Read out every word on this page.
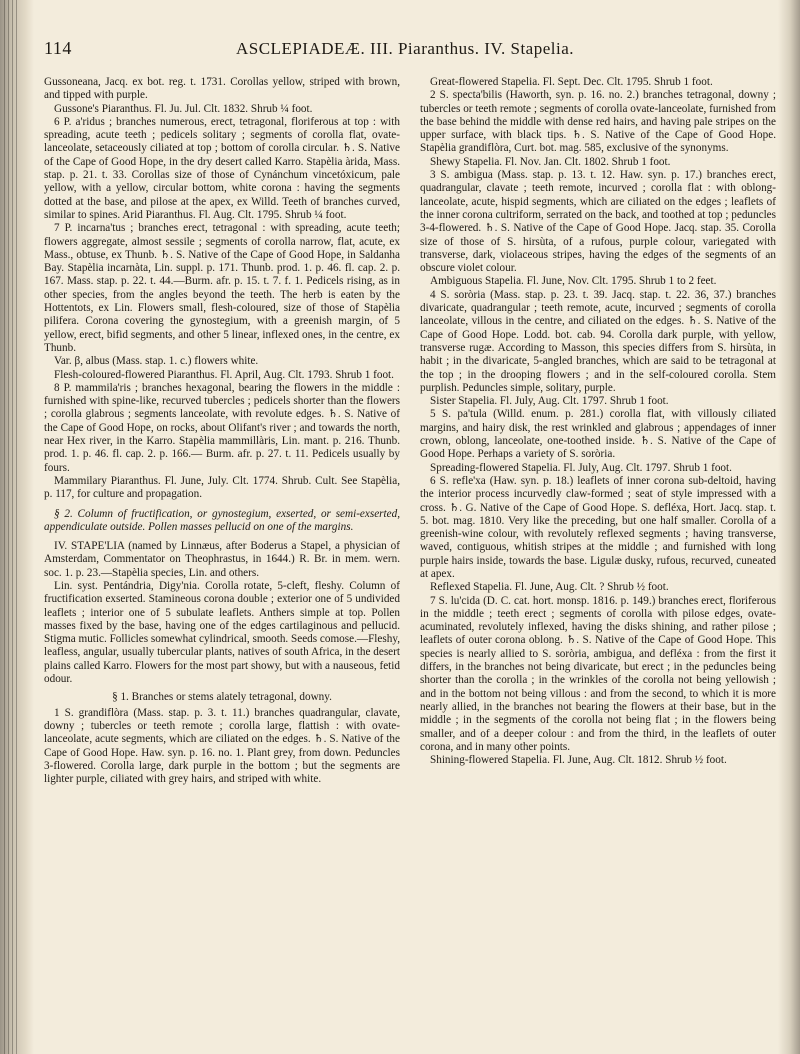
114	ASCLEPIADEÆ. III. Piaranthus. IV. Stapelia.

Gussoneana, Jacq. ex bot. reg. t. 1731. Corollas yellow, striped with brown, and tipped with purple.

Gussone's Piaranthus. Fl. Ju. Jul. Clt. 1832. Shrub ¼ foot.

6 P. a'ridus ; branches numerous, erect, tetragonal, floriferous at top : with spreading, acute teeth ; pedicels solitary ; segments of corolla flat, ovate-lanceolate, setaceously ciliated at top ; bottom of corolla circular. ♄. S. Native of the Cape of Good Hope, in the dry desert called Karro. Stapèlia àrida, Mass. stap. p. 21. t. 33. Corollas size of those of Cynánchum vincetóxicum, pale yellow, with a yellow, circular bottom, white corona : having the segments dotted at the base, and pilose at the apex, ex Willd. Teeth of branches curved, similar to spines. Arid Piaranthus. Fl. Aug. Clt. 1795. Shrub ¼ foot.

7 P. incarna'tus ; branches erect, tetragonal : with spreading, acute teeth; flowers aggregate, almost sessile ; segments of corolla narrow, flat, acute, ex Mass., obtuse, ex Thunb. ♄. S. Native of the Cape of Good Hope, in Saldanha Bay. Stapèlia incarnàta, Lin. suppl. p. 171. Thunb. prod. 1. p. 46. fl. cap. 2. p. 167. Mass. stap. p. 22. t. 44.—Burm. afr. p. 15. t. 7. f. 1. Pedicels rising, as in other species, from the angles beyond the teeth. The herb is eaten by the Hottentots, ex Lin. Flowers small, flesh-coloured, size of those of Stapèlia pilifera. Corona covering the gynostegium, with a greenish margin, of 5 yellow, erect, bifid segments, and other 5 linear, inflexed ones, in the centre, ex Thunb.

Var. β, albus (Mass. stap. 1. c.) flowers white.

Flesh-coloured-flowered Piaranthus. Fl. April, Aug. Clt. 1793. Shrub 1 foot.

8 P. mammila'ris ; branches hexagonal, bearing the flowers in the middle : furnished with spine-like, recurved tubercles ; pedicels shorter than the flowers ; corolla glabrous ; segments lanceolate, with revolute edges. ♄. S. Native of the Cape of Good Hope, on rocks, about Olifant's river ; and towards the north, near Hex river, in the Karro. Stapèlia mammillàris, Lin. mant. p. 216. Thunb. prod. 1. p. 46. fl. cap. 2. p. 166.— Burm. afr. p. 27. t. 11. Pedicels usually by fours.

Mammilary Piaranthus. Fl. June, July. Clt. 1774. Shrub. Cult. See Stapèlia, p. 117, for culture and propagation.

§ 2. Column of fructification, or gynostegium, exserted, or semi-exserted, appendiculate outside. Pollen masses pellucid on one of the margins.

IV. STAPE'LIA (named by Linnæus, after Boderus a Stapel, a physician of Amsterdam, Commentator on Theophrastus, in 1644.) R. Br. in mem. wern. soc. 1. p. 23.—Stapèlia species, Lin. and others.

Lin. syst. Pentándria, Digy'nia. Corolla rotate, 5-cleft, fleshy. Column of fructification exserted. Stamineous corona double ; exterior one of 5 undivided leaflets ; interior one of 5 subulate leaflets. Anthers simple at top. Pollen masses fixed by the base, having one of the edges cartilaginous and pellucid. Stigma mutic. Follicles somewhat cylindrical, smooth. Seeds comose.—Fleshy, leafless, angular, usually tubercular plants, natives of south Africa, in the desert plains called Karro. Flowers for the most part showy, but with a nauseous, fetid odour.

§ 1. Branches or stems alately tetragonal, downy.

1 S. grandiflòra (Mass. stap. p. 3. t. 11.) branches quadrangular, clavate, downy ; tubercles or teeth remote ; corolla large, flattish : with ovate-lanceolate, acute segments, which are ciliated on the edges. ♄. S. Native of the Cape of Good Hope. Haw. syn. p. 16. no. 1. Plant grey, from down. Peduncles 3-flowered. Corolla large, dark purple in the bottom ; but the segments are lighter purple, ciliated with grey hairs, and striped with white.

Great-flowered Stapelia. Fl. Sept. Dec. Clt. 1795. Shrub 1 foot.

2 S. specta'bilis (Haworth, syn. p. 16. no. 2.) branches tetragonal, downy ; tubercles or teeth remote ; segments of corolla ovate-lanceolate, furnished from the base behind the middle with dense red hairs, and having pale stripes on the upper surface, with black tips. ♄. S. Native of the Cape of Good Hope. Stapèlia grandiflòra, Curt. bot. mag. 585, exclusive of the synonyms.

Shewy Stapelia. Fl. Nov. Jan. Clt. 1802. Shrub 1 foot.

3 S. ambigua (Mass. stap. p. 13. t. 12. Haw. syn. p. 17.) branches erect, quadrangular, clavate ; teeth remote, incurved ; corolla flat : with oblong-lanceolate, acute, hispid segments, which are ciliated on the edges ; leaflets of the inner corona cultriform, serrated on the back, and toothed at top ; peduncles 3-4-flowered. ♄. S. Native of the Cape of Good Hope. Jacq. stap. 35. Corolla size of those of S. hirsùta, of a rufous, purple colour, variegated with transverse, dark, violaceous stripes, having the edges of the segments of an obscure violet colour.

Ambiguous Stapelia. Fl. June, Nov. Clt. 1795. Shrub 1 to 2 feet.

4 S. soròria (Mass. stap. p. 23. t. 39. Jacq. stap. t. 22. 36, 37.) branches divaricate, quadrangular ; teeth remote, acute, incurved ; segments of corolla lanceolate, villous in the centre, and ciliated on the edges. ♄. S. Native of the Cape of Good Hope. Lodd. bot. cab. 94. Corolla dark purple, with yellow, transverse rugæ. According to Masson, this species differs from S. hirsùta, in habit ; in the divaricate, 5-angled branches, which are said to be tetragonal at the top ; in the drooping flowers ; and in the self-coloured corolla. Stem purplish. Peduncles simple, solitary, purple.

Sister Stapelia. Fl. July, Aug. Clt. 1797. Shrub 1 foot.

5 S. pa'tula (Willd. enum. p. 281.) corolla flat, with villously ciliated margins, and hairy disk, the rest wrinkled and glabrous ; appendages of inner crown, oblong, lanceolate, one-toothed inside. ♄. S. Native of the Cape of Good Hope. Perhaps a variety of S. soròria.

Spreading-flowered Stapelia. Fl. July, Aug. Clt. 1797. Shrub 1 foot.

6 S. refle'xa (Haw. syn. p. 18.) leaflets of inner corona sub-deltoid, having the interior process incurvedly claw-formed ; seat of style impressed with a cross. ♄. G. Native of the Cape of Good Hope. S. defléxa, Hort. Jacq. stap. t. 5. bot. mag. 1810. Very like the preceding, but one half smaller. Corolla of a greenish-wine colour, with revolutely reflexed segments ; having transverse, waved, contiguous, whitish stripes at the middle ; and furnished with long purple hairs inside, towards the base. Ligulæ dusky, rufous, recurved, cuneated at apex.

Reflexed Stapelia. Fl. June, Aug. Clt. ? Shrub ½ foot.

7 S. lu'cida (D. C. cat. hort. monsp. 1816. p. 149.) branches erect, floriferous in the middle ; teeth erect ; segments of corolla with pilose edges, ovate-acuminated, revolutely inflexed, having the disks shining, and rather pilose ; leaflets of outer corona oblong. ♄. S. Native of the Cape of Good Hope. This species is nearly allied to S. soròria, ambigua, and defléxa : from the first it differs, in the branches not being divaricate, but erect ; in the peduncles being shorter than the corolla ; in the wrinkles of the corolla not being yellowish ; and in the bottom not being villous : and from the second, to which it is more nearly allied, in the branches not bearing the flowers at their base, but in the middle ; in the segments of the corolla not being flat ; in the flowers being smaller, and of a deeper colour : and from the third, in the leaflets of outer corona, and in many other points.

Shining-flowered Stapelia. Fl. June, Aug. Clt. 1812. Shrub ½ foot.
